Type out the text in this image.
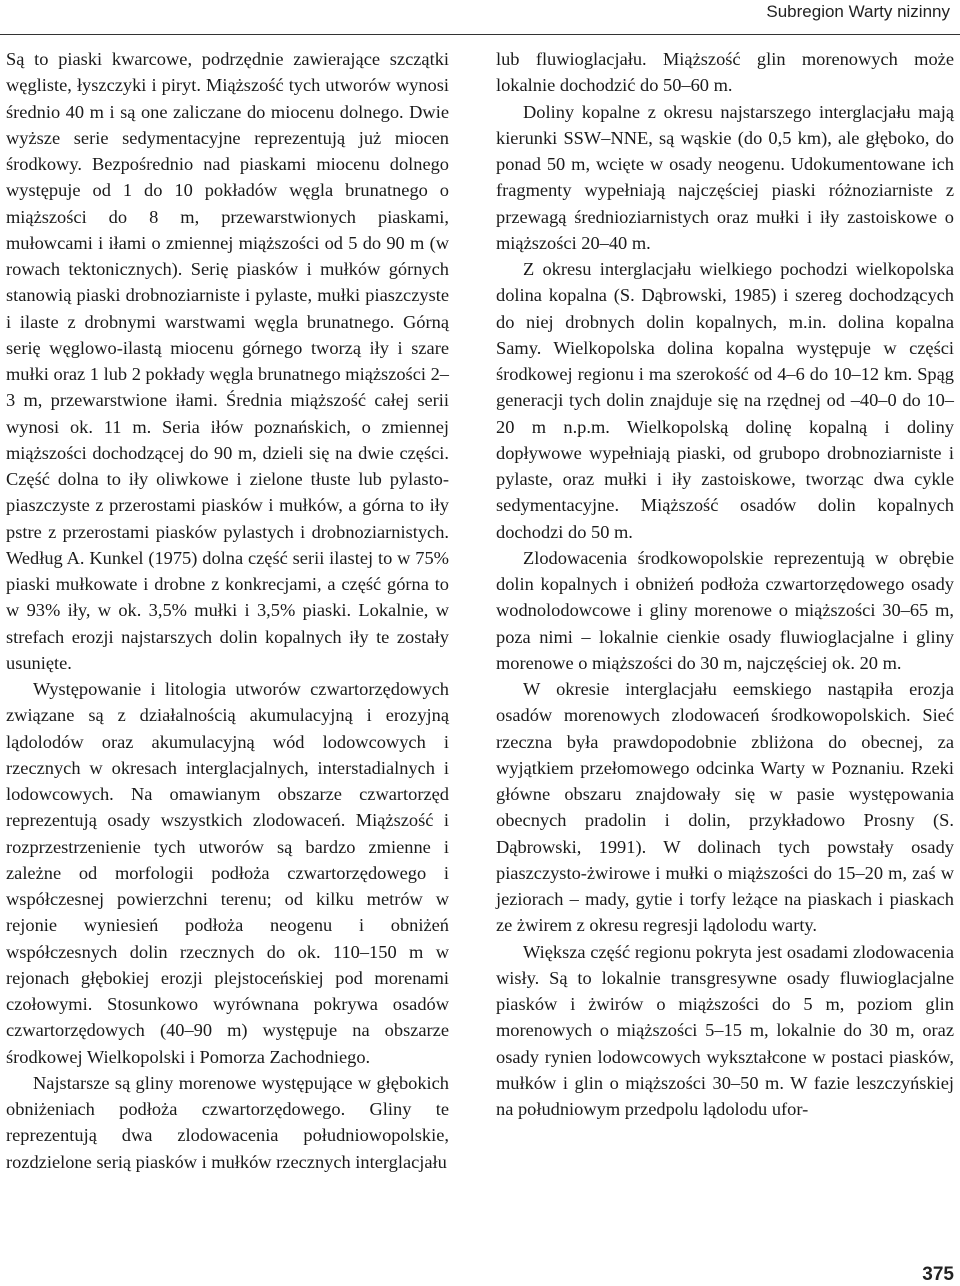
Subregion Warty nizinny

Są to piaski kwarcowe, podrzędnie zawierające szczątki węgliste, łyszczyki i piryt. Miąższość tych utworów wynosi średnio 40 m i są one zaliczane do miocenu dolnego. Dwie wyższe serie sedymentacyjne reprezentują już miocen środkowy. Bezpośrednio nad piaskami miocenu dolnego występuje od 1 do 10 pokładów węgla brunatnego o miąższości do 8 m, przewarstwionych piaskami, mułowcami i iłami o zmiennej miąższości od 5 do 90 m (w rowach tektonicznych). Serię piasków i mułków górnych stanowią piaski drobnoziarniste i pylaste, mułki piaszczyste i ilaste z drobnymi warstwami węgla brunatnego. Górną serię węglowo-ilastą miocenu górnego tworzą iły i szare mułki oraz 1 lub 2 pokłady węgla brunatnego miąższości 2–3 m, przewarstwione iłami. Średnia miąższość całej serii wynosi ok. 11 m. Seria iłów poznańskich, o zmiennej miąższości dochodzącej do 90 m, dzieli się na dwie części. Część dolna to iły oliwkowe i zielone tłuste lub pylasto-piaszczyste z przerostami piasków i mułków, a górna to iły pstre z przerostami piasków pylastych i drobnoziarnistych. Według A. Kunkel (1975) dolna część serii ilastej to w 75% piaski mułkowate i drobne z konkrecjami, a część górna to w 93% iły, w ok. 3,5% mułki i 3,5% piaski. Lokalnie, w strefach erozji najstarszych dolin kopalnych iły te zostały usunięte.

Występowanie i litologia utworów czwartorzędowych związane są z działalnością akumulacyjną i erozyjną lądolodów oraz akumulacyjną wód lodowcowych i rzecznych w okresach interglacjalnych, interstadialnych i lodowcowych. Na omawianym obszarze czwartorzęd reprezentują osady wszystkich zlodowaceń. Miąższość i rozprzestrzenienie tych utworów są bardzo zmienne i zależne od morfologii podłoża czwartorzędowego i współczesnej powierzchni terenu; od kilku metrów w rejonie wyniesień podłoża neogenu i obniżeń współczesnych dolin rzecznych do ok. 110–150 m w rejonach głębokiej erozji plejstoceńskiej pod morenami czołowymi. Stosunkowo wyrównana pokrywa osadów czwartorzędowych (40–90 m) występuje na obszarze środkowej Wielkopolski i Pomorza Zachodniego.

Najstarsze są gliny morenowe występujące w głębokich obniżeniach podłoża czwartorzędowego. Gliny te reprezentują dwa zlodowacenia południowopolskie, rozdzielone serią piasków i mułków rzecznych interglacjału

lub fluwioglacjału. Miąższość glin morenowych może lokalnie dochodzić do 50–60 m.

Doliny kopalne z okresu najstarszego interglacjału mają kierunki SSW–NNE, są wąskie (do 0,5 km), ale głęboko, do ponad 50 m, wcięte w osady neogenu. Udokumentowane ich fragmenty wypełniają najczęściej piaski różnoziarniste z przewagą średnioziarnistych oraz mułki i iły zastoiskowe o miąższości 20–40 m.

Z okresu interglacjału wielkiego pochodzi wielkopolska dolina kopalna (S. Dąbrowski, 1985) i szereg dochodzących do niej drobnych dolin kopalnych, m.in. dolina kopalna Samy. Wielkopolska dolina kopalna występuje w części środkowej regionu i ma szerokość od 4–6 do 10–12 km. Spąg generacji tych dolin znajduje się na rzędnej od –40–0 do 10–20 m n.p.m. Wielkopolską dolinę kopalną i doliny dopływowe wypełniają piaski, od grubopo drobnoziarniste i pylaste, oraz mułki i iły zastoiskowe, tworząc dwa cykle sedymentacyjne. Miąższość osadów dolin kopalnych dochodzi do 50 m.

Zlodowacenia środkowopolskie reprezentują w obrębie dolin kopalnych i obniżeń podłoża czwartorzędowego osady wodnolodowcowe i gliny morenowe o miąższości 30–65 m, poza nimi – lokalnie cienkie osady fluwioglacjalne i gliny morenowe o miąższości do 30 m, najczęściej ok. 20 m.

W okresie interglacjału eemskiego nastąpiła erozja osadów morenowych zlodowaceń środkowopolskich. Sieć rzeczna była prawdopodobnie zbliżona do obecnej, za wyjątkiem przełomowego odcinka Warty w Poznaniu. Rzeki główne obszaru znajdowały się w pasie występowania obecnych pradolin i dolin, przykładowo Prosny (S. Dąbrowski, 1991). W dolinach tych powstały osady piaszczysto-żwirowe i mułki o miąższości do 15–20 m, zaś w jeziorach – mady, gytie i torfy leżące na piaskach i piaskach ze żwirem z okresu regresji lądolodu warty.

Większa część regionu pokryta jest osadami zlodowacenia wisły. Są to lokalnie transgresywne osady fluwioglacjalne piasków i żwirów o miąższości do 5 m, poziom glin morenowych o miąższości 5–15 m, lokalnie do 30 m, oraz osady rynien lodowcowych wykształcone w postaci piasków, mułków i glin o miąższości 30–50 m. W fazie leszczyńskiej na południowym przedpolu lądolodu ufor-

375
